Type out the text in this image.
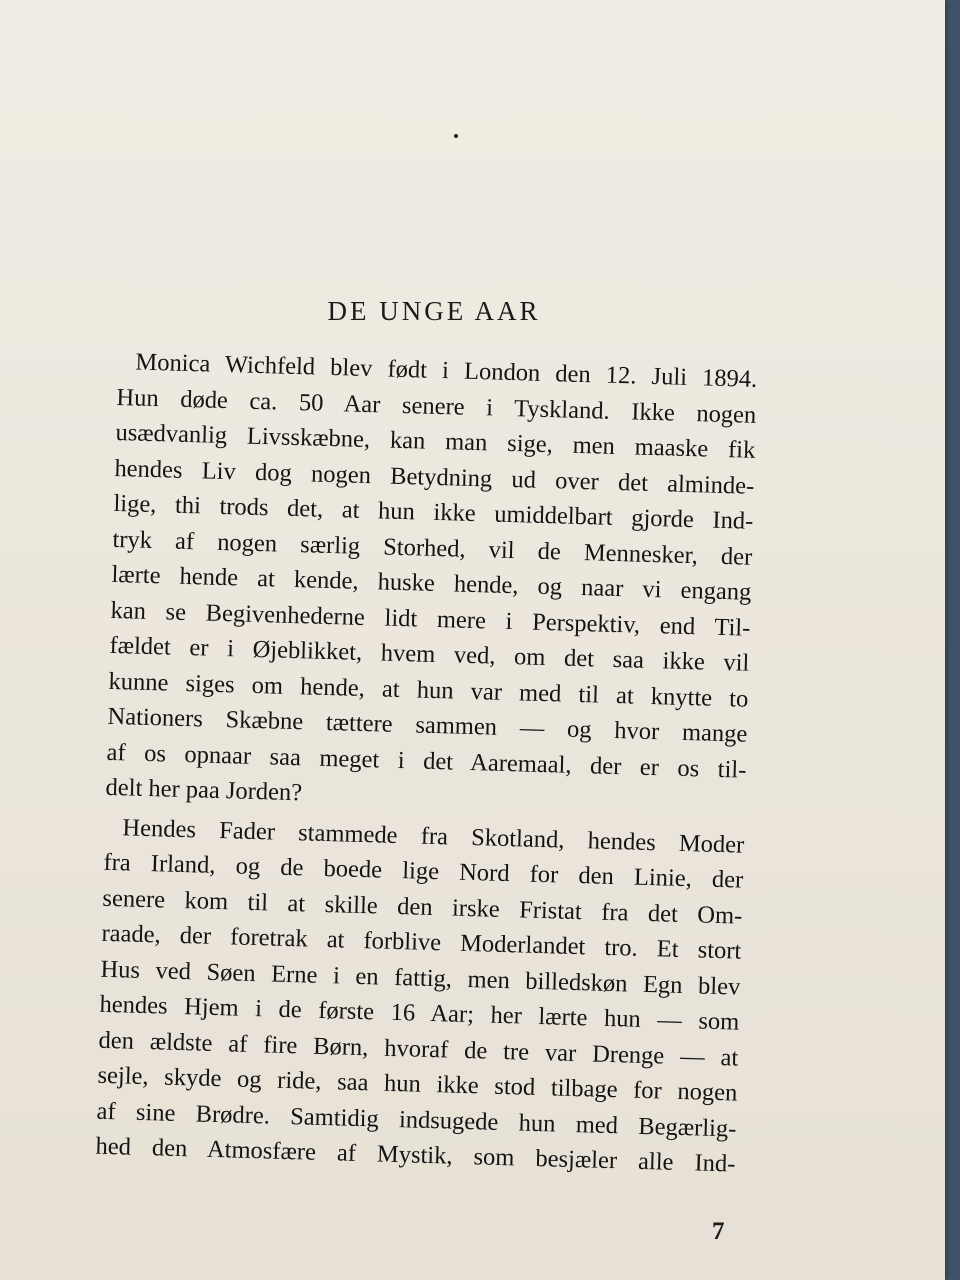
DE UNGE AAR

Monica Wichfeld blev født i London den 12. Juli 1894.
Hun døde ca. 50 Aar senere i Tyskland. Ikke nogen
usædvanlig Livsskæbne, kan man sige, men maaske fik
hendes Liv dog nogen Betydning ud over det alminde-
lige, thi trods det, at hun ikke umiddelbart gjorde Ind-
tryk af nogen særlig Storhed, vil de Mennesker, der
lærte hende at kende, huske hende, og naar vi engang
kan se Begivenhederne lidt mere i Perspektiv, end Til-
fældet er i Øjeblikket, hvem ved, om det saa ikke vil
kunne siges om hende, at hun var med til at knytte to
Nationers Skæbne tættere sammen — og hvor mange
af os opnaar saa meget i det Aaremaal, der er os til-
delt her paa Jorden?

Hendes Fader stammede fra Skotland, hendes Moder
fra Irland, og de boede lige Nord for den Linie, der
senere kom til at skille den irske Fristat fra det Om-
raade, der foretrak at forblive Moderlandet tro. Et stort
Hus ved Søen Erne i en fattig, men billedskøn Egn blev
hendes Hjem i de første 16 Aar; her lærte hun — som
den ældste af fire Børn, hvoraf de tre var Drenge — at
sejle, skyde og ride, saa hun ikke stod tilbage for nogen
af sine Brødre. Samtidig indsugede hun med Begærlig-
hed den Atmosfære af Mystik, som besjæler alle Ind-

7
